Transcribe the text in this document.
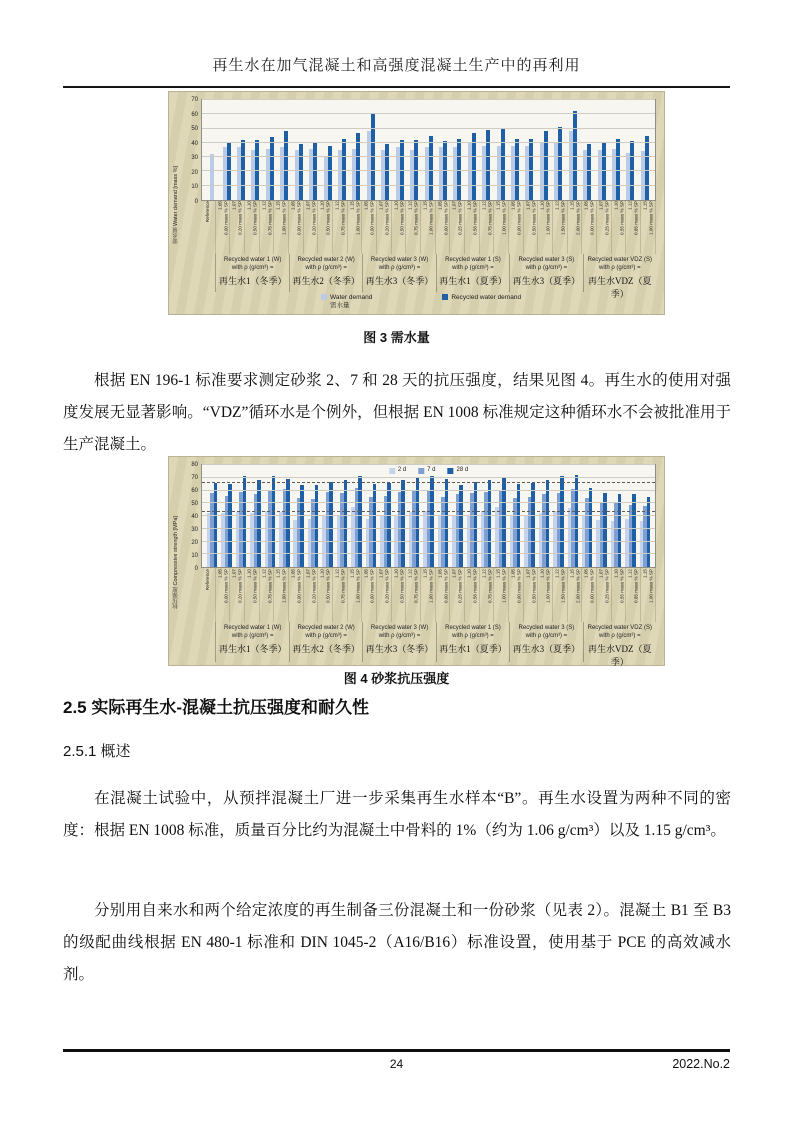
再生水在加气混凝土和高强度混凝土生产中的再利用
需水量 Water demand [mass %]	0
10
20
30
40
50
60
70
Reference 1.05 0.00 mass % SP 1.07 0.20 mass % SP 1.10 0.50 mass % SP 1.12 0.75 mass % SP 1.15 1.00 mass % SP 1.05 0.00 mass % SP 1.07 0.20 mass % SP 1.10 0.50 mass % SP 1.12 0.75 mass % SP 1.15 1.00 mass % SP 1.05 0.00 mass % SP 1.07 0.20 mass % SP 1.10 0.50 mass % SP 1.12 0.75 mass % SP 1.15 1.00 mass % SP 1.05 0.00 mass % SP 1.07 0.25 mass % SP 1.10 0.56 mass % SP 1.12 0.75 mass % SP 1.15 1.00 mass % SP 1.05 0.00 mass % SP 1.07 0.50 mass % SP 1.10 1.00 mass % SP 1.12 1.50 mass % SP 1.15 2.00 mass % SP 1.05 0.00 mass % SP 1.07 0.25 mass % SP 1.10 0.55 mass % SP 1.12 0.85 mass % SP 1.15 1.00 mass % SP
Recycled water 1 (W)
with ρ (g/cm³) =
再生水1（冬季）
Recycled water 2 (W)
with ρ (g/cm³) =
再生水2（冬季）
Recycled water 3 (W)
with ρ (g/cm³) =
再生水3（冬季）
Recycled water 1 (S)
with ρ (g/cm³) =
再生水1（夏季）
Recycled water 3 (S)
with ρ (g/cm³) =
再生水3（夏季）
Recycled water VDZ (S)
with ρ (g/cm³) =
再生水VDZ（夏季）
Water demand
需水量
Recycled water demand
图 3 需水量

根据 EN 196-1 标准要求测定砂浆 2、7 和 28 天的抗压强度，结果见图 4。再生水的使用对强度发展无显著影响。“VDZ”循环水是个例外，但根据 EN 1008 标准规定这种循环水不会被批准用于生产混凝土。

抗压强度 Compressive strength [MPa]	0
10
20
30
40
50
60
70
80
2 d	7 d	28 d
Reference 1.05 0.00 mass % SP 1.07 0.20 mass % SP 1.10 0.50 mass % SP 1.12 0.75 mass % SP 1.15 1.00 mass % SP 1.05 0.00 mass % SP 1.07 0.20 mass % SP 1.10 0.50 mass % SP 1.12 0.75 mass % SP 1.15 1.00 mass % SP 1.05 0.00 mass % SP 1.07 0.20 mass % SP 1.10 0.50 mass % SP 1.12 0.75 mass % SP 1.15 1.00 mass % SP 1.05 0.00 mass % SP 1.07 0.25 mass % SP 1.10 0.56 mass % SP 1.12 0.75 mass % SP 1.15 1.00 mass % SP 1.05 0.00 mass % SP 1.07 0.50 mass % SP 1.10 1.00 mass % SP 1.12 1.50 mass % SP 1.15 2.00 mass % SP 1.05 0.00 mass % SP 1.07 0.25 mass % SP 1.10 0.55 mass % SP 1.12 0.85 mass % SP 1.15 1.00 mass % SP
Recycled water 1 (W)
with ρ (g/cm³) =
再生水1（冬季）
Recycled water 2 (W)
with ρ (g/cm³) =
再生水2（冬季）
Recycled water 3 (W)
with ρ (g/cm³) =
再生水3（冬季）
Recycled water 1 (S)
with ρ (g/cm³) =
再生水1（夏季）
Recycled water 3 (S)
with ρ (g/cm³) =
再生水3（夏季）
Recycled water VDZ (S)
with ρ (g/cm³) =
再生水VDZ（夏季）
图 4 砂浆抗压强度
2.5 实际再生水-混凝土抗压强度和耐久性
2.5.1 概述

在混凝土试验中，从预拌混凝土厂进一步采集再生水样本“B”。再生水设置为两种不同的密度：根据 EN 1008 标准，质量百分比约为混凝土中骨料的 1%（约为 1.06 g/cm³）以及 1.15 g/cm³。

分别用自来水和两个给定浓度的再生制备三份混凝土和一份砂浆（见表 2）。混凝土 B1 至 B3 的级配曲线根据 EN 480-1 标准和 DIN 1045-2（A16/B16）标准设置，使用基于 PCE 的高效减水剂。

24	2022.No.2
